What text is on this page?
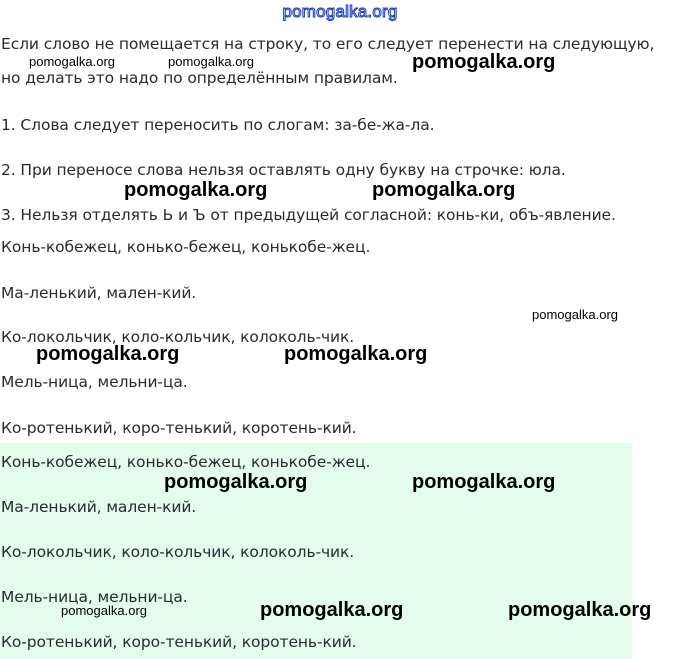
pomogalka.org
Если слово не помещается на строку, то его следует перенести на следующую,
но делать это надо по определённым правилам.
1. Слова следует переносить по слогам: за-бе-жа-ла.
2. При переносе слова нельзя оставлять одну букву на строчке: юла.
3. Нельзя отделять Ь и Ъ от предыдущей согласной: конь-ки, объ-явление.
Конь-кобежец, конько-бежец, конькобе-жец.
Ма-ленький, мален-кий.
Ко-локольчик, коло-кольчик, колоколь-чик.
Мель-ница, мельни-ца.
Ко-ротенький, коро-тенький, коротень-кий.
Конь-кобежец, конько-бежец, конькобе-жец.
Ма-ленький, мален-кий.
Ко-локольчик, коло-кольчик, колоколь-чик.
Мель-ница, мельни-ца.
Ко-ротенький, коро-тенький, коротень-кий.
pomogalka.org	pomogalka.org	pomogalka.org
pomogalka.org	pomogalka.org
pomogalka.org
pomogalka.org	pomogalka.org
pomogalka.org	pomogalka.org
pomogalka.org	pomogalka.org	pomogalka.org
